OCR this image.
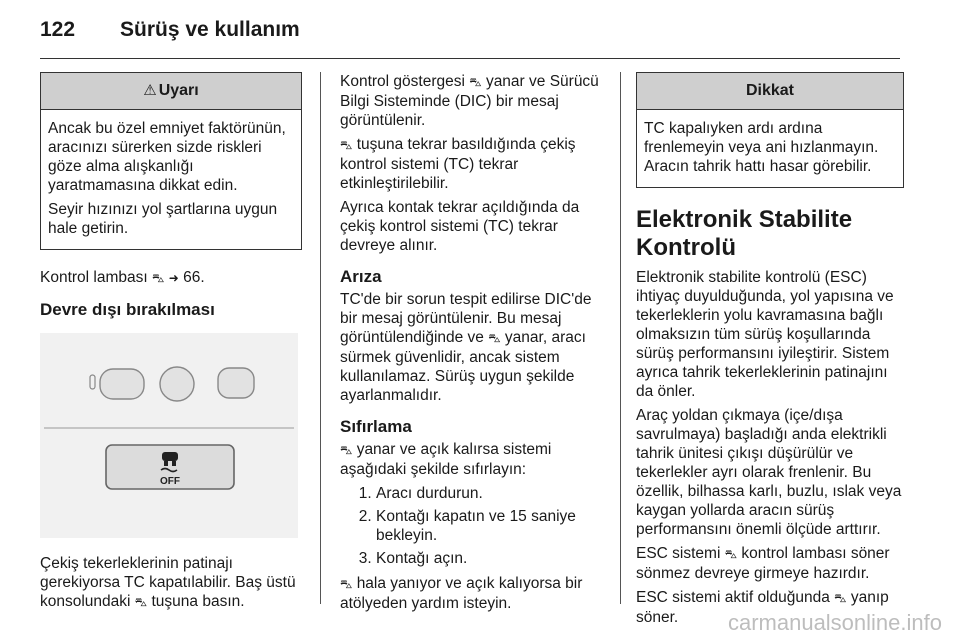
122	Sürüş ve kullanım
⚠ Uyarı

Ancak bu özel emniyet faktörünün, aracınızı sürerken sizde riskleri göze alma alışkanlığı yaratmamasına dikkat edin.

Seyir hızınızı yol şartlarına uygun hale getirin.

Kontrol lambası ⛍ ➜ 66.

Devre dışı bırakılması
OFF

Çekiş tekerleklerinin patinajı gerekiyorsa TC kapatılabilir. Baş üstü konsolundaki ⛍ tuşuna basın.

Kontrol göstergesi ⛍ yanar ve Sürücü Bilgi Sisteminde (DIC) bir mesaj görüntülenir.

⛍ tuşuna tekrar basıldığında çekiş kontrol sistemi (TC) tekrar etkinleştirilebilir.

Ayrıca kontak tekrar açıldığında da çekiş kontrol sistemi (TC) tekrar devreye alınır.

Arıza

TC'de bir sorun tespit edilirse DIC'de bir mesaj görüntülenir. Bu mesaj görüntülendiğinde ve ⛍ yanar, aracı sürmek güvenlidir, ancak sistem kullanılamaz. Sürüş uygun şekilde ayarlanmalıdır.

Sıfırlama

⛍ yanar ve açık kalırsa sistemi aşağıdaki şekilde sıfırlayın:

1. Aracı durdurun.
2. Kontağı kapatın ve 15 saniye bekleyin.
3. Kontağı açın.

⛍ hala yanıyor ve açık kalıyorsa bir atölyeden yardım isteyin.

Dikkat

TC kapalıyken ardı ardına frenlemeyin veya ani hızlanmayın. Aracın tahrik hattı hasar görebilir.

Elektronik Stabilite Kontrolü

Elektronik stabilite kontrolü (ESC) ihtiyaç duyulduğunda, yol yapısına ve tekerleklerin yolu kavramasına bağlı olmaksızın tüm sürüş koşullarında sürüş performansını iyileştirir. Sistem ayrıca tahrik tekerleklerinin patinajını da önler.

Araç yoldan çıkmaya (içe/dışa savrulmaya) başladığı anda elektrikli tahrik ünitesi çıkışı düşürülür ve tekerlekler ayrı olarak frenlenir. Bu özellik, bilhassa karlı, buzlu, ıslak veya kaygan yollarda aracın sürüş performansını önemli ölçüde arttırır.

ESC sistemi ⛍ kontrol lambası söner sönmez devreye girmeye hazırdır.

ESC sistemi aktif olduğunda ⛍ yanıp söner.	carmanualsonline.info
